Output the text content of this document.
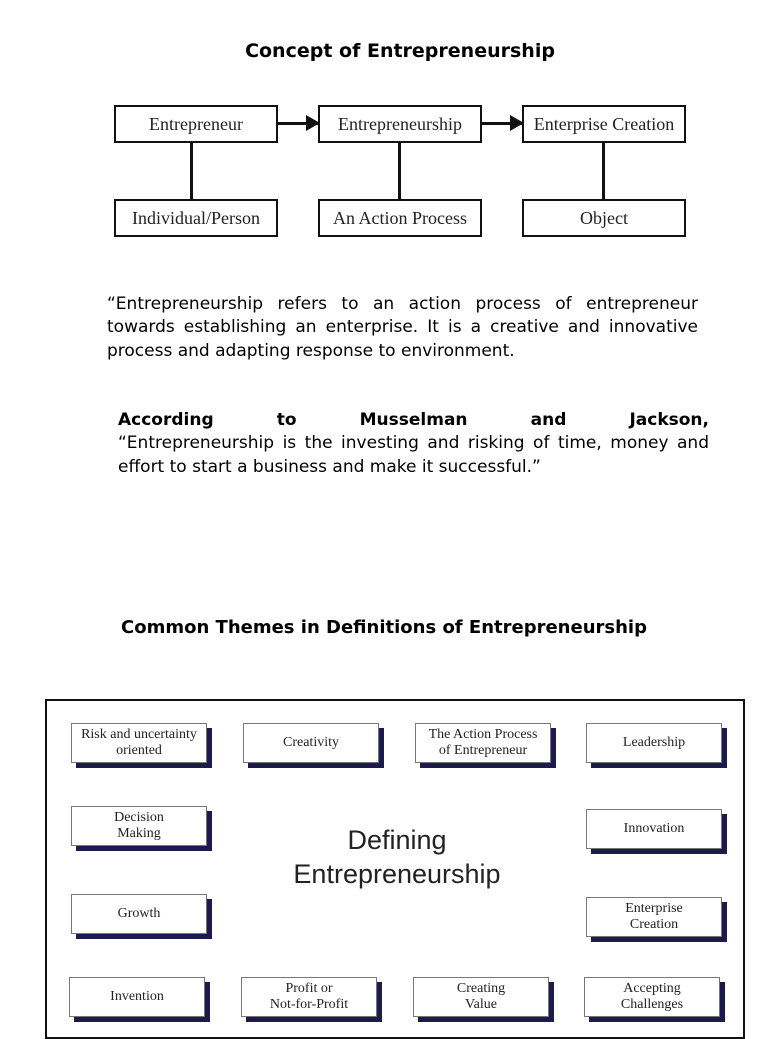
Concept of Entrepreneurship
Entrepreneur	Entrepreneurship	Enterprise Creation
Individual/Person	An Action Process	Object

“Entrepreneurship refers to an action process of entrepreneur towards establishing an enterprise. It is a creative and innovative process and adapting response to environment.

According to Musselman and Jackson,
“Entrepreneurship is the investing and risking of time, money and effort to start a business and make it successful.”

Common Themes in Definitions of Entrepreneurship
Defining
Entrepreneurship
Risk and uncertainty
oriented
Creativity
The Action Process
of Entrepreneur
Leadership
Decision
Making	Innovation
Growth	Enterprise
Creation
Invention
Profit or
Not-for-Profit
Creating
Value
Accepting
Challenges
